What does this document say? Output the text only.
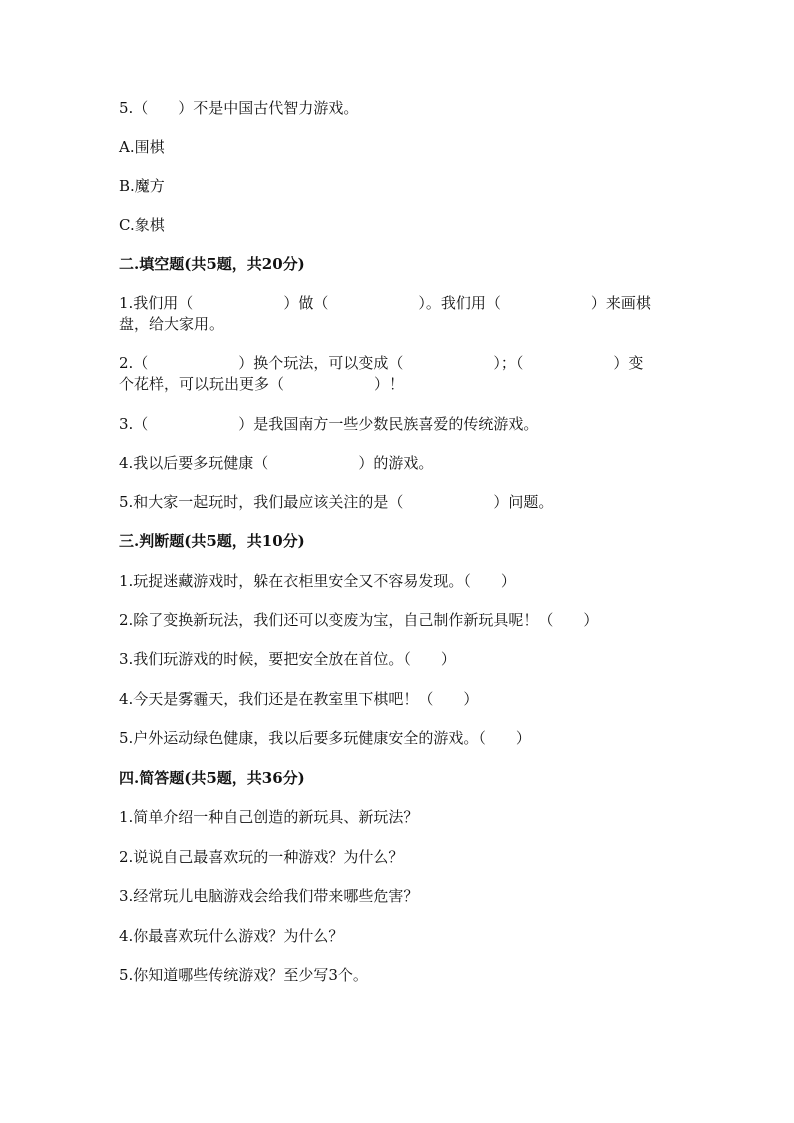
5.（　　）不是中国古代智力游戏。
A.围棋
B.魔方
C.象棋
二.填空题(共5题，共20分)
1.我们用（　　　　　　）做（　　　　　　）。我们用（　　　　　　）来画棋
盘，给大家用。
2.（　　　　　　）换个玩法，可以变成（　　　　　　）；（　　　　　　）变
个花样，可以玩出更多（　　　　　　）！
3.（　　　　　　）是我国南方一些少数民族喜爱的传统游戏。
4.我以后要多玩健康（　　　　　　）的游戏。
5.和大家一起玩时，我们最应该关注的是（　　　　　　）问题。
三.判断题(共5题，共10分)
1.玩捉迷藏游戏时，躲在衣柜里安全又不容易发现。（　　）
2.除了变换新玩法，我们还可以变废为宝，自己制作新玩具呢！（　　）
3.我们玩游戏的时候，要把安全放在首位。（　　）
4.今天是雾霾天，我们还是在教室里下棋吧！（　　）
5.户外运动绿色健康，我以后要多玩健康安全的游戏。（　　）
四.简答题(共5题，共36分)
1.简单介绍一种自己创造的新玩具、新玩法？
2.说说自己最喜欢玩的一种游戏？为什么？
3.经常玩儿电脑游戏会给我们带来哪些危害？
4.你最喜欢玩什么游戏？为什么？
5.你知道哪些传统游戏？至少写3个。
